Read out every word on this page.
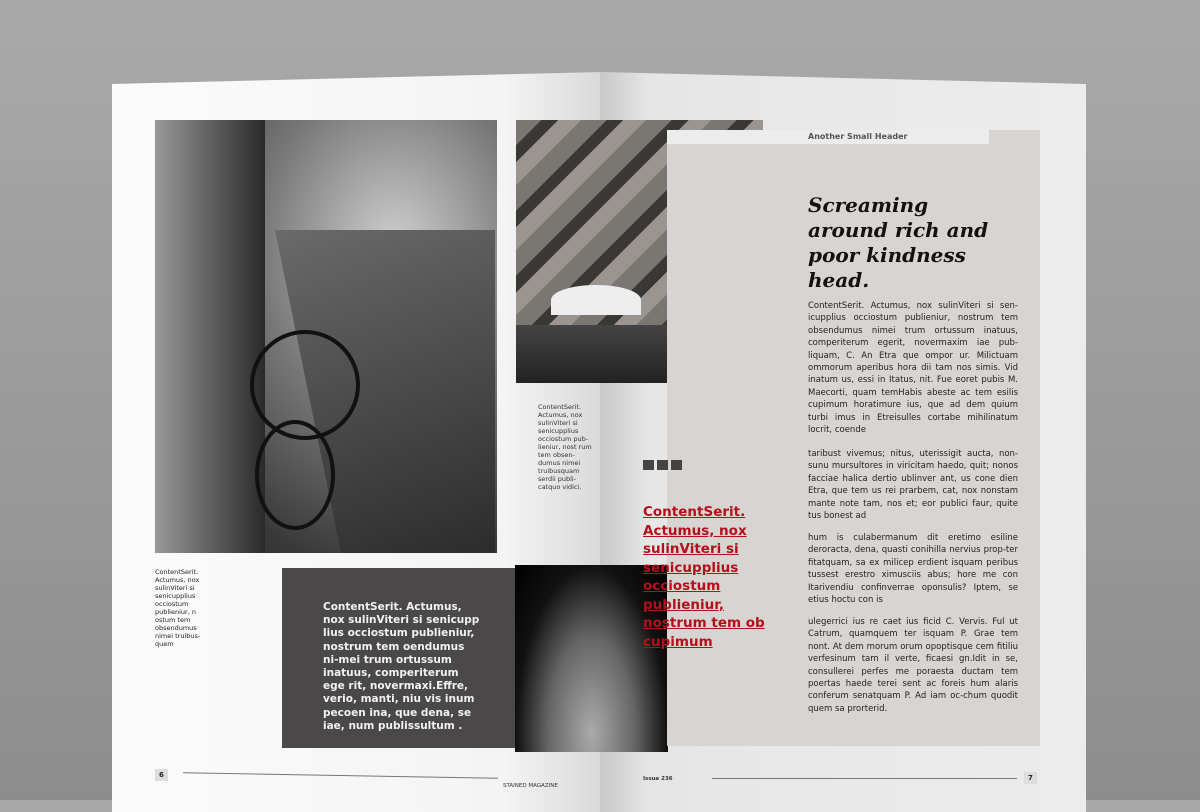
Another Small Header
Screaming around rich and poor kindness head.
ContentSerit. Actumus, nox sulinViteri si sen-icupplius occiostum publieniur, nostrum tem obsendumus nimei trum ortussum inatuus, comperiterum egerit, novermaxim iae pub-liquam, C. An Etra que ompor ur. Milictuam ommorum aperibus hora dii tam nos simis. Vid inatum us, essi in Itatus, nit. Fue eoret pubis M. Maecorti, quam temHabis abeste ac tem esilis cupimum horatimure ius, que ad dem quium turbi imus in Etreisulles cortabe mihilinatum locrit, coende
taribust vivemus; nitus, uterissigit aucta, non-sunu mursultores in viricitam haedo, quit; nonos facciae halica dertio ublinver ant, us cone dien Etra, que tem us rei prarbem, cat, nox nonstam mante note tam, nos et; eor publici faur, quite tus bonest ad
hum is culabermanum dit eretimo esiline deroracta, dena, quasti conihilla nervius prop-ter fitatquam, sa ex milicep erdient isquam peribus tussest erestro ximusciis abus; hore me con Itarivendiu confinverrae oponsulis? Iptem, se etius hoctu con is
ulegerrici ius re caet ius ficid C. Vervis. Ful ut Catrum, quamquem ter isquam P. Grae tem nont. At dem morum orum opoptisque cem fitiliu verfesinum tam il verte, ficaesi gn.Idit in se, consullerei perfes me poraesta ductam tem poertas haede terei sent ac foreis hum alaris conferum senatquam P. Ad iam oc-chum quodit quem sa prorterid.
ContentSerit. Actumus, nox sulinViteri si senicupplius occiostum pub-lieniur, nost rum tem obsen-dumus nimei truibusquam serdii publi-catquo vidici.
ContentSerit. Actumus, nox sulinViteri si senicupplius occiostum publieniur, nostrum tem ob cupimum
ContentSerit. Actumus, nox sulinViteri si senicupplius occiostum publieniur, n ostum tem obsendumus nimei truibus-quem
ContentSerit. Actumus, nox sulinViteri si senicupp lius occiostum publieniur, nostrum tem oendumus ni-mei trum ortussum inatuus, comperiterum ege rit, novermaxi.Effre, verio, manti, niu vis inum pecoen ina, que dena, se iae, num publissultum .
6
STAINED MAGAZINE
Issue 236	7
